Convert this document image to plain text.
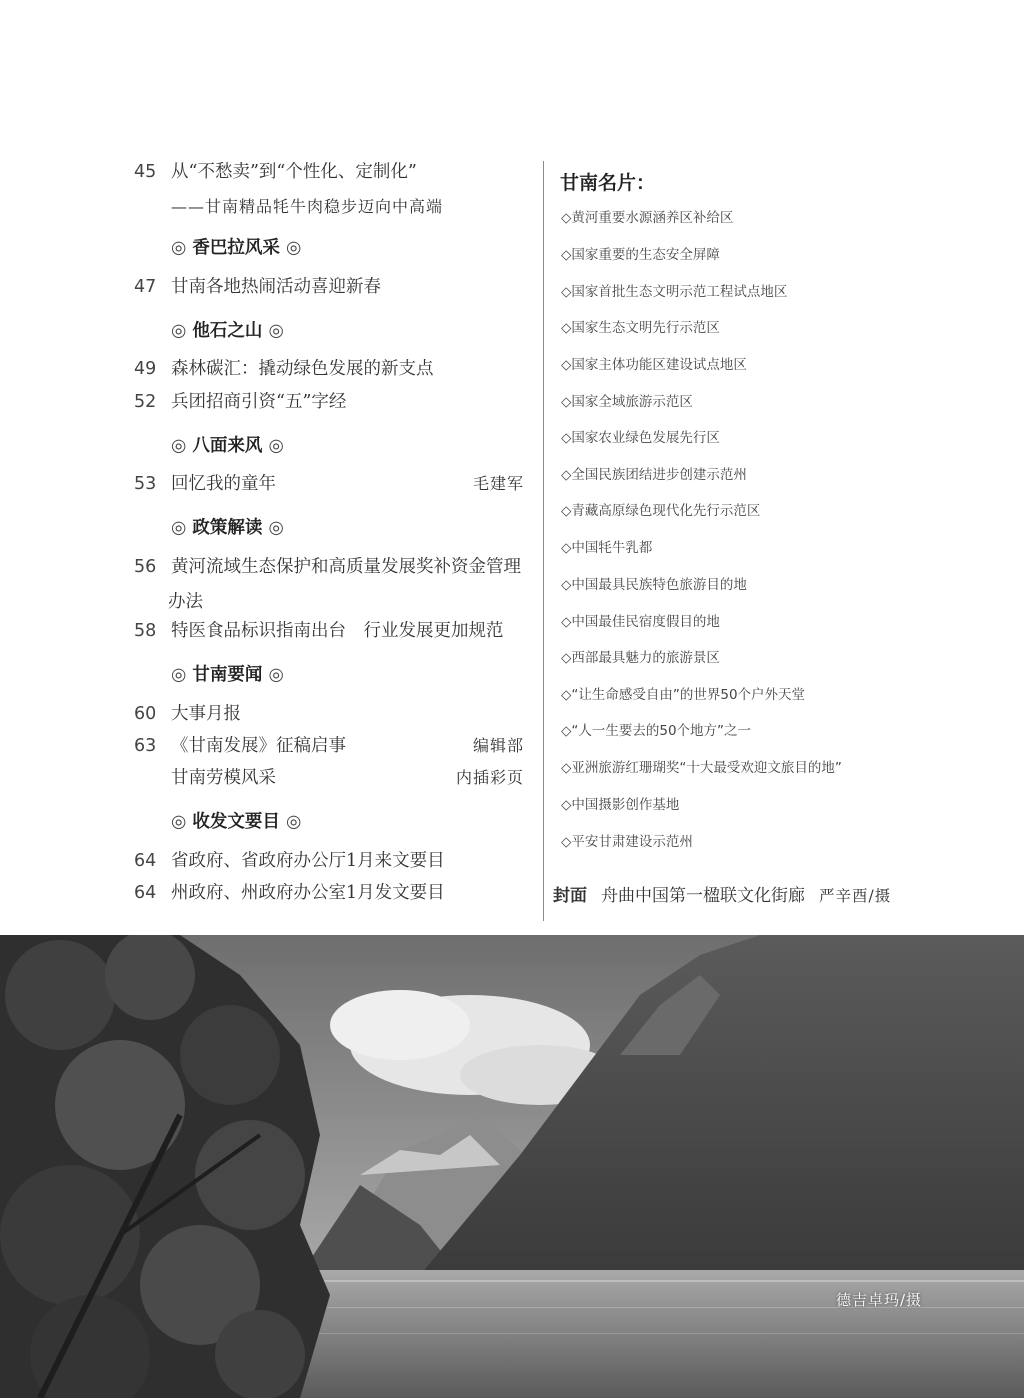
45 从“不愁卖”到“个性化、定制化”
——甘南精品牦牛肉稳步迈向中高端
◎ 香巴拉风采 ◎
47 甘南各地热闹活动喜迎新春
◎ 他石之山 ◎
49 森林碳汇：撬动绿色发展的新支点
52 兵团招商引资“五”字经
◎ 八面来风 ◎
53 回忆我的童年	毛建军
◎ 政策解读 ◎
56 黄河流域生态保护和高质量发展奖补资金管理
办法
58 特医食品标识指南出台　行业发展更加规范
◎ 甘南要闻 ◎
60 大事月报
63 《甘南发展》征稿启事	编辑部
甘南劳模风采	内插彩页
◎ 收发文要目 ◎
64 省政府、省政府办公厅1月来文要目
64 州政府、州政府办公室1月发文要目
甘南名片：
◇黄河重要水源涵养区补给区
◇国家重要的生态安全屏障
◇国家首批生态文明示范工程试点地区
◇国家生态文明先行示范区
◇国家主体功能区建设试点地区
◇国家全域旅游示范区
◇国家农业绿色发展先行区
◇全国民族团结进步创建示范州
◇青藏高原绿色现代化先行示范区
◇中国牦牛乳都
◇中国最具民族特色旅游目的地
◇中国最佳民宿度假目的地
◇西部最具魅力的旅游景区
◇“让生命感受自由”的世界50个户外天堂
◇“人一生要去的50个地方”之一
◇亚洲旅游红珊瑚奖“十大最受欢迎文旅目的地”
◇中国摄影创作基地
◇平安甘肃建设示范州
封面 舟曲中国第一楹联文化街廊 严辛酉/摄
德吉卓玛/摄
